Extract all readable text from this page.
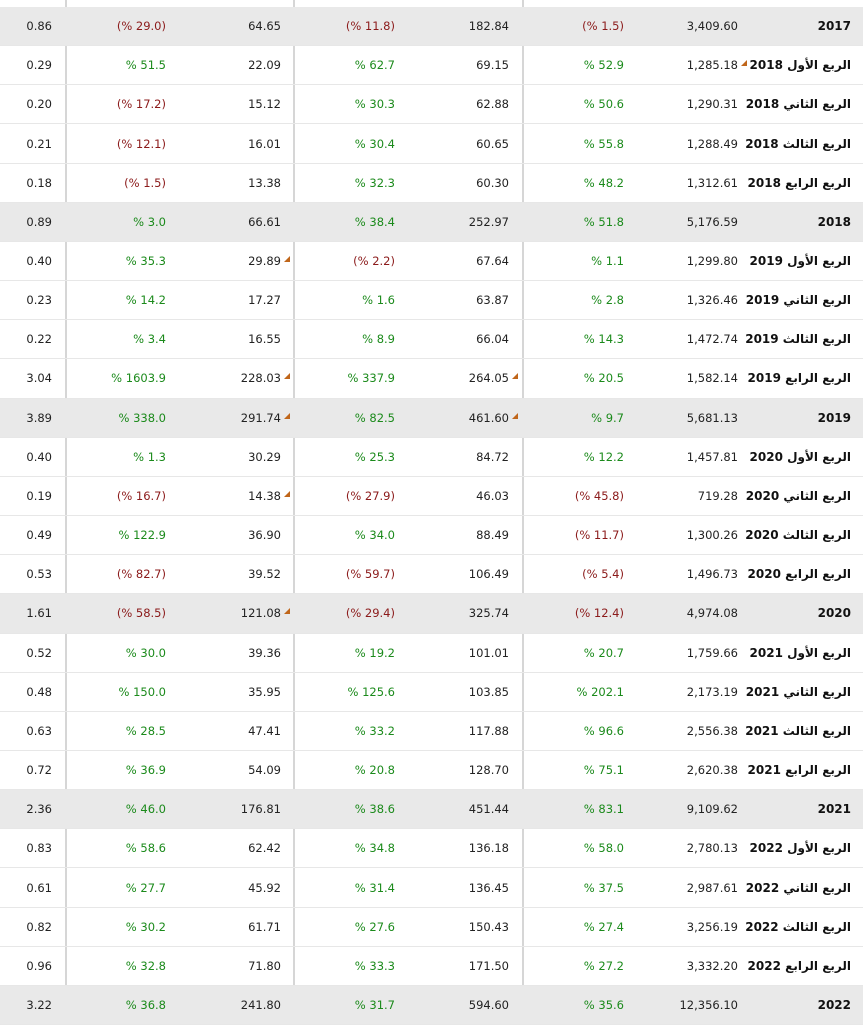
2017
3,409.60
(% 1.5)
182.84
(% 11.8)
64.65
(% 29.0)
0.86
الربع الأول 2018
1,285.18
% 52.9
69.15
% 62.7
22.09
% 51.5
0.29
الربع الثاني 2018
1,290.31
% 50.6
62.88
% 30.3
15.12
(% 17.2)
0.20
الربع الثالث 2018
1,288.49
% 55.8
60.65
% 30.4
16.01
(% 12.1)
0.21
الربع الرابع 2018
1,312.61
% 48.2
60.30
% 32.3
13.38
(% 1.5)
0.18
2018
5,176.59
% 51.8
252.97
% 38.4
66.61
% 3.0
0.89
الربع الأول 2019
1,299.80
% 1.1
67.64
(% 2.2)
29.89
% 35.3
0.40
الربع الثاني 2019
1,326.46
% 2.8
63.87
% 1.6
17.27
% 14.2
0.23
الربع الثالث 2019
1,472.74
% 14.3
66.04
% 8.9
16.55
% 3.4
0.22
الربع الرابع 2019
1,582.14
% 20.5
264.05
% 337.9
228.03
% 1603.9
3.04
2019
5,681.13
% 9.7
461.60
% 82.5
291.74
% 338.0
3.89
الربع الأول 2020
1,457.81
% 12.2
84.72
% 25.3
30.29
% 1.3
0.40
الربع الثاني 2020
719.28
(% 45.8)
46.03
(% 27.9)
14.38
(% 16.7)
0.19
الربع الثالث 2020
1,300.26
(% 11.7)
88.49
% 34.0
36.90
% 122.9
0.49
الربع الرابع 2020
1,496.73
(% 5.4)
106.49
(% 59.7)
39.52
(% 82.7)
0.53
2020
4,974.08
(% 12.4)
325.74
(% 29.4)
121.08
(% 58.5)
1.61
الربع الأول 2021
1,759.66
% 20.7
101.01
% 19.2
39.36
% 30.0
0.52
الربع الثاني 2021
2,173.19
% 202.1
103.85
% 125.6
35.95
% 150.0
0.48
الربع الثالث 2021
2,556.38
% 96.6
117.88
% 33.2
47.41
% 28.5
0.63
الربع الرابع 2021
2,620.38
% 75.1
128.70
% 20.8
54.09
% 36.9
0.72
2021
9,109.62
% 83.1
451.44
% 38.6
176.81
% 46.0
2.36
الربع الأول 2022
2,780.13
% 58.0
136.18
% 34.8
62.42
% 58.6
0.83
الربع الثاني 2022
2,987.61
% 37.5
136.45
% 31.4
45.92
% 27.7
0.61
الربع الثالث 2022
3,256.19
% 27.4
150.43
% 27.6
61.71
% 30.2
0.82
الربع الرابع 2022
3,332.20
% 27.2
171.50
% 33.3
71.80
% 32.8
0.96
2022
12,356.10
% 35.6
594.60
% 31.7
241.80
% 36.8
3.22
